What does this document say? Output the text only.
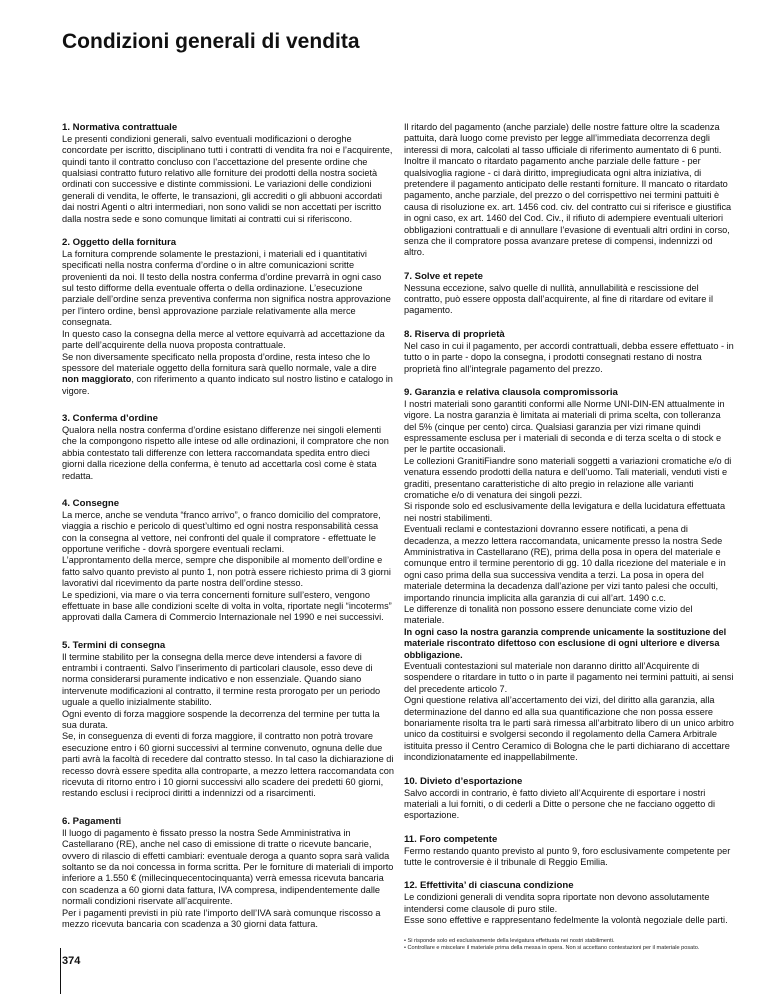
Condizioni generali di vendita
1. Normativa contrattuale

Le presenti condizioni generali, salvo eventuali modificazioni o deroghe concordate per iscritto, disciplinano tutti i contratti di vendita fra noi e l’acquirente, quindi tanto il contratto concluso con l’accettazione del presente ordine che qualsiasi contratto futuro relativo alle forniture dei prodotti della nostra società ordinati con successive e distinte commissioni. Le variazioni delle condizioni generali di vendita, le offerte, le transazioni, gli accrediti o gli abbuoni accordati dai nostri Agenti o altri intermediari, non sono validi se non accettati per iscritto dalla nostra sede e sono comunque limitati ai contratti cui si riferiscono.

2. Oggetto della fornitura

La fornitura comprende solamente le prestazioni, i materiali ed i quantitativi specificati nella nostra conferma d’ordine o in altre comunicazioni scritte provenienti da noi. Il testo della nostra conferma d’ordine prevarrà in ogni caso sul testo difforme della eventuale offerta o della ordinazione. L’esecuzione parziale dell’ordine senza preventiva conferma non significa nostra approvazione per l’intero ordine, bensì approvazione parziale relativamente alla merce consegnata.

In questo caso la consegna della merce al vettore equivarrà ad accettazione da parte dell’acquirente della nuova proposta contrattuale.

Se non diversamente specificato nella proposta d’ordine, resta inteso che lo spessore del materiale oggetto della fornitura sarà quello normale, vale a dire non maggiorato, con riferimento a quanto indicato sul nostro listino e catalogo in vigore.

3. Conferma d’ordine

Qualora nella nostra conferma d’ordine esistano differenze nei singoli elementi che la compongono rispetto alle intese od alle ordinazioni, il compratore che non abbia contestato tali differenze con lettera raccomandata spedita entro dieci giorni dalla ricezione della conferma, è tenuto ad accettarla così come è stata redatta.

4. Consegne

La merce, anche se venduta “franco arrivo”, o franco domicilio del compratore, viaggia a rischio e pericolo di quest’ultimo ed ogni nostra responsabilità cessa con la consegna al vettore, nei confronti del quale il compratore - effettuate le opportune verifiche - dovrà sporgere eventuali reclami.

L’approntamento della merce, sempre che disponibile al momento dell’ordine e fatto salvo quanto previsto al punto 1, non potrà essere richiesto prima di 3 giorni lavorativi dal ricevimento da parte nostra dell’ordine stesso.

Le spedizioni, via mare o via terra concernenti forniture sull’estero, vengono effettuate in base alle condizioni scelte di volta in volta, riportate negli “incoterms” approvati dalla Camera di Commercio Internazionale nel 1990 e nei successivi.

5. Termini di consegna

Il termine stabilito per la consegna della merce deve intendersi a favore di entrambi i contraenti. Salvo l’inserimento di particolari clausole, esso deve di norma considerarsi puramente indicativo e non essenziale. Quando siano intervenute modificazioni al contratto, il termine resta prorogato per un periodo uguale a quello inizialmente stabilito.

Ogni evento di forza maggiore sospende la decorrenza del termine per tutta la sua durata.

Se, in conseguenza di eventi di forza maggiore, il contratto non potrà trovare esecuzione entro i 60 giorni successivi al termine convenuto, ognuna delle due parti avrà la facoltà di recedere dal contratto stesso. In tal caso la dichiarazione di recesso dovrà essere spedita alla controparte, a mezzo lettera raccomandata con ricevuta di ritorno entro i 10 giorni successivi allo scadere dei predetti 60 giorni, restando esclusi i reciproci diritti a indennizzi od a risarcimenti.

6. Pagamenti

Il luogo di pagamento è fissato presso la nostra Sede Amministrativa in Castellarano (RE), anche nel caso di emissione di tratte o ricevute bancarie, ovvero di rilascio di effetti cambiari: eventuale deroga a quanto sopra sarà valida soltanto se da noi concessa in forma scritta. Per le forniture di materiali di importo inferiore a 1.550 € (millecinquecentocinquanta) verrà emessa ricevuta bancaria con scadenza a 60 giorni data fattura, IVA compresa, indipendentemente dalle normali condizioni riservate all’acquirente.

Per i pagamenti previsti in più rate l’importo dell’IVA sarà comunque riscosso a mezzo ricevuta bancaria con scadenza a 30 giorni data fattura.

Il ritardo del pagamento (anche parziale) delle nostre fatture oltre la scadenza pattuita, darà luogo come previsto per legge all’immediata decorrenza degli interessi di mora, calcolati al tasso ufficiale di riferimento aumentato di 6 punti. Inoltre il mancato o ritardato pagamento anche parziale delle fatture - per qualsivoglia ragione - ci darà diritto, impregiudicata ogni altra iniziativa, di pretendere il pagamento anticipato delle restanti forniture. Il mancato o ritardato pagamento, anche parziale, del prezzo o del corrispettivo nei termini pattuiti è causa di risoluzione ex. art. 1456 cod. civ. del contratto cui si riferisce e giustifica in ogni caso, ex art. 1460 del Cod. Civ., il rifiuto di adempiere eventuali ulteriori obbligazioni contrattuali e di annullare l’evasione di eventuali altri ordini in corso, senza che il compratore possa avanzare pretese di compensi, indennizzi od altro.

7. Solve et repete

Nessuna eccezione, salvo quelle di nullità, annullabilità e rescissione del contratto, può essere opposta dall’acquirente, al fine di ritardare od evitare il pagamento.

8. Riserva di proprietà

Nel caso in cui il pagamento, per accordi contrattuali, debba essere effettuato - in tutto o in parte - dopo la consegna, i prodotti consegnati restano di nostra proprietà fino all’integrale pagamento del prezzo.

9. Garanzia e relativa clausola compromissoria

I nostri materiali sono garantiti conformi alle Norme UNI-DIN-EN attualmente in vigore. La nostra garanzia è limitata ai materiali di prima scelta, con tolleranza del 5% (cinque per cento) circa. Qualsiasi garanzia per vizi rimane quindi espressamente esclusa per i materiali di seconda e di terza scelta o di stock e per le partite occasionali.

Le collezioni GranitiFiandre sono materiali soggetti a variazioni cromatiche e/o di venatura essendo prodotti della natura e dell’uomo. Tali materiali, venduti visti e graditi, presentano caratteristiche di alto pregio in relazione alle varianti cromatiche e/o di venatura dei singoli pezzi.

Si risponde solo ed esclusivamente della levigatura e della lucidatura effettuata nei nostri stabilimenti.

Eventuali reclami e contestazioni dovranno essere notificati, a pena di decadenza, a mezzo lettera raccomandata, unicamente presso la nostra Sede Amministrativa in Castellarano (RE), prima della posa in opera del materiale e comunque entro il termine perentorio di gg. 10 dalla ricezione del materiale e in ogni caso prima della sua successiva vendita a terzi. La posa in opera del materiale determina la decadenza dall’azione per vizi tanto palesi che occulti, importando rinuncia implicita alla garanzia di cui all’art. 1490 c.c.

Le differenze di tonalità non possono essere denunciate come vizio del materiale.

In ogni caso la nostra garanzia comprende unicamente la sostituzione del materiale riscontrato difettoso con esclusione di ogni ulteriore e diversa obbligazione.

Eventuali contestazioni sul materiale non daranno diritto all’Acquirente di sospendere o ritardare in tutto o in parte il pagamento nei termini pattuiti, ai sensi del precedente articolo 7.

Ogni questione relativa all’accertamento dei vizi, del diritto alla garanzia, alla determinazione del danno ed alla sua quantificazione che non possa essere bonariamente risolta tra le parti sarà rimessa all’arbitrato libero di un unico arbitro unico da costituirsi e svolgersi secondo il regolamento della Camera Arbitrale istituita presso il Centro Ceramico di Bologna che le parti dichiarano di accettare incondizionatamente ed inappellabilmente.

10. Divieto d’esportazione

Salvo accordi in contrario, è fatto divieto all’Acquirente di esportare i nostri materiali a lui forniti, o di cederli a Ditte o persone che ne facciano oggetto di esportazione.

11. Foro competente

Fermo restando quanto previsto al punto 9, foro esclusivamente competente per tutte le controversie è il tribunale di Reggio Emilia.

12. Effettivita’ di ciascuna condizione

Le condizioni generali di vendita sopra riportate non devono assolutamente intendersi come clausole di puro stile.

Esse sono effettive e rappresentano fedelmente la volontà negoziale delle parti.

• Si risponde solo ed esclusivamente della levigatura effettuata nei nostri stabilimenti.
• Controllare e miscelare il materiale prima della messa in opera. Non si accettano contestazioni per il materiale posato.
374
